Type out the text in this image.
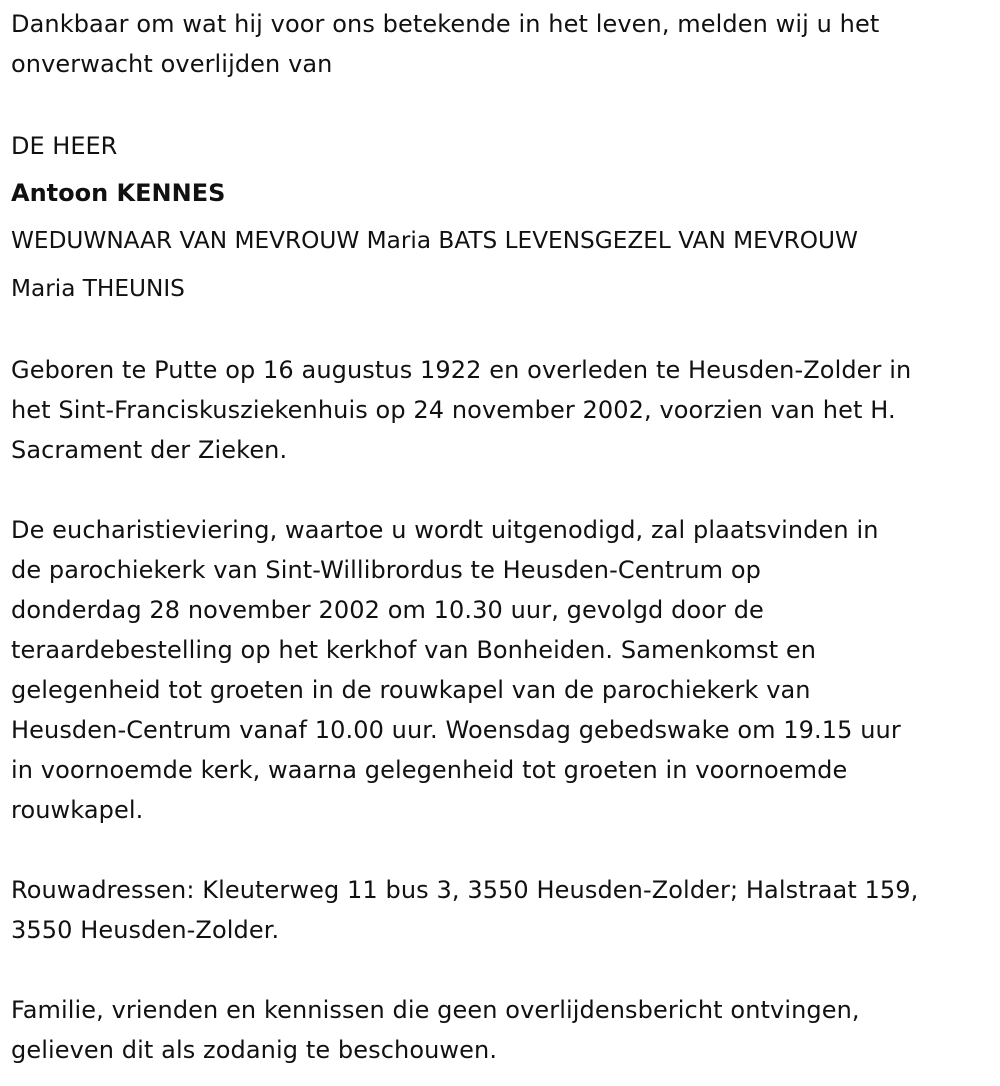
Dankbaar om wat hij voor ons betekende in het leven, melden wij u het

onverwacht overlijden van

DE HEER

Antoon KENNES

WEDUWNAAR VAN MEVROUW Maria BATS LEVENSGEZEL VAN MEVROUW

Maria THEUNIS

Geboren te Putte op 16 augustus 1922 en overleden te Heusden-Zolder in

het Sint-Franciskusziekenhuis op 24 november 2002, voorzien van het H.

Sacrament der Zieken.

De eucharistieviering, waartoe u wordt uitgenodigd, zal plaatsvinden in

de parochiekerk van Sint-Willibrordus te Heusden-Centrum op

donderdag 28 november 2002 om 10.30 uur, gevolgd door de

teraardebestelling op het kerkhof van Bonheiden. Samenkomst en

gelegenheid tot groeten in de rouwkapel van de parochiekerk van

Heusden-Centrum vanaf 10.00 uur. Woensdag gebedswake om 19.15 uur

in voornoemde kerk, waarna gelegenheid tot groeten in voornoemde

rouwkapel.

Rouwadressen: Kleuterweg 11 bus 3, 3550 Heusden-Zolder; Halstraat 159,

3550 Heusden-Zolder.

Familie, vrienden en kennissen die geen overlijdensbericht ontvingen,

gelieven dit als zodanig te beschouwen.
